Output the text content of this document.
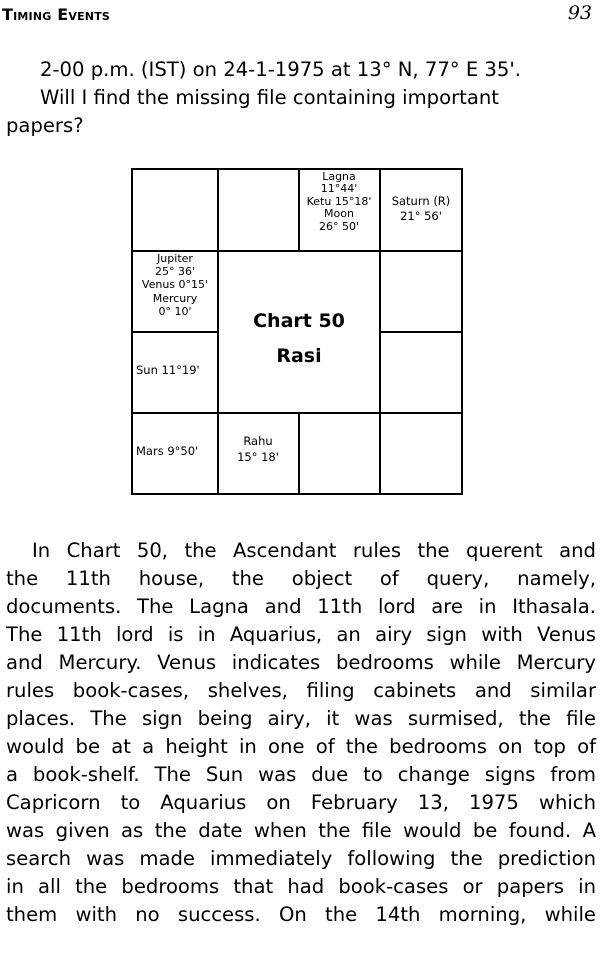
Timing Events	93
2-00 p.m. (IST) on 24-1-1975 at 13° N, 77° E 35'.
Will I find the missing file containing important
papers?
Lagna
11°44'
Ketu 15°18'
Moon
26° 50'
Saturn (R)
21° 56'
Jupiter
25° 36'
Venus 0°15'
Mercury
0° 10'
Sun 11°19'
Mars 9°50'
Rahu
15° 18'
Chart 50
Rasi
In Chart 50, the Ascendant rules the querent and
the 11th house, the object of query, namely,
documents. The Lagna and 11th lord are in Ithasala.
The 11th lord is in Aquarius, an airy sign with Venus
and Mercury. Venus indicates bedrooms while Mercury
rules book-cases, shelves, filing cabinets and similar
places. The sign being airy, it was surmised, the file
would be at a height in one of the bedrooms on top of
a book-shelf. The Sun was due to change signs from
Capricorn to Aquarius on February 13, 1975 which
was given as the date when the file would be found. A
search was made immediately following the prediction
in all the bedrooms that had book-cases or papers in
them with no success. On the 14th morning, while
